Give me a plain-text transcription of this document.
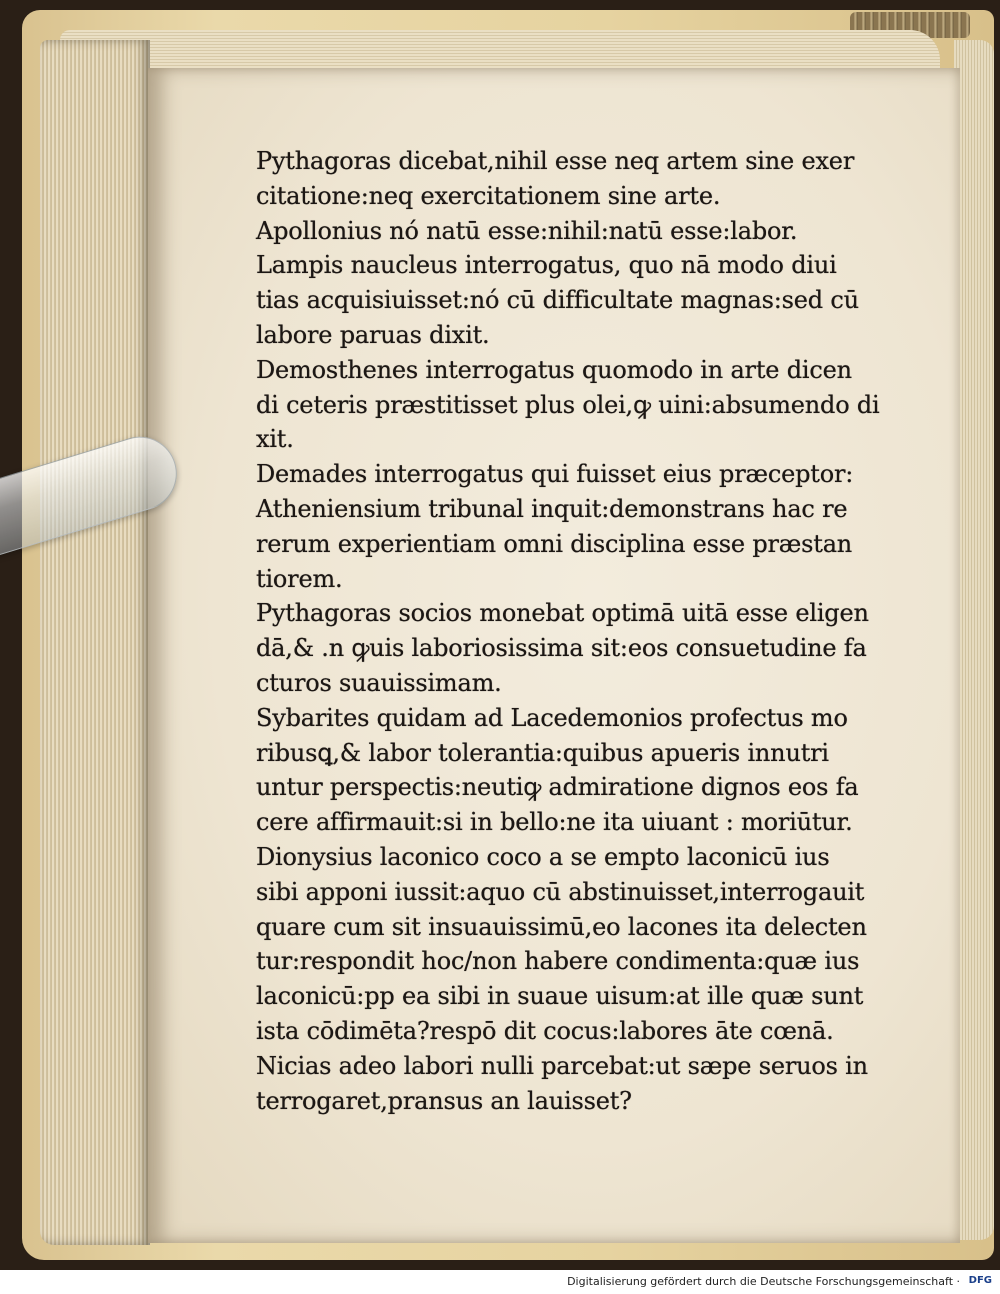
Pythagoras dicebat,nihil esse neq artem sine exer
citatione:neq exercitationem sine arte.
Apollonius nó natū esse:nihil:natū esse:labor.
Lampis naucleus interrogatus, quo nā modo diui
tias acquisiuisset:nó cū difficultate magnas:sed cū
labore paruas dixit.
Demosthenes interrogatus quomodo in arte dicen
di ceteris præstitisset plus olei,ꝙ uini:absumendo di
xit.
Demades interrogatus qui fuisset eius præceptor:
Atheniensium tribunal inquit:demonstrans hac re
rerum experientiam omni disciplina esse præstan
tiorem.
Pythagoras socios monebat optimā uitā esse eligen
dā,& .n ꝙuis laboriosissima sit:eos consuetudine fa
cturos suauissimam.
Sybarites quidam ad Lacedemonios profectus mo
ribusꝗ,& labor tolerantia:quibus apueris innutri
untur perspectis:neutiꝙ admiratione dignos eos fa
cere affirmauit:si in bello:ne ita uiuant : moriūtur.
Dionysius laconico coco a se empto laconicū ius
sibi apponi iussit:aquo cū abstinuisset,interrogauit
quare cum sit insuauissimū,eo lacones ita delecten
tur:respondit hoc/non habere condimenta:quæ ius
laconicū:pp ea sibi in suaue uisum:at ille quæ sunt
ista cōdimēta?respō dit cocus:labores āte cœnā.
Nicias adeo labori nulli parcebat:ut sæpe seruos in
terrogaret,pransus an lauisset?
Digitalisierung gefördert durch die Deutsche Forschungsgemeinschaft · DFG
